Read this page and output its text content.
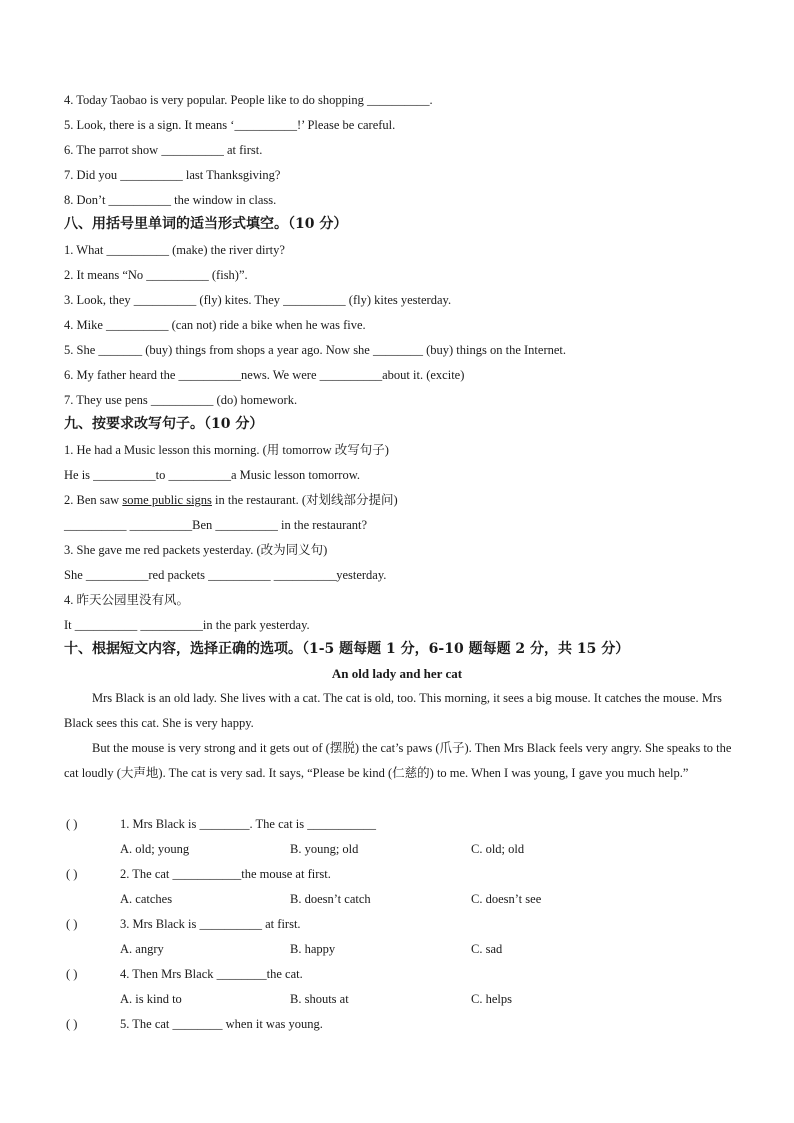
4. Today Taobao is very popular. People like to do shopping __________.
5. Look, there is a sign. It means ‘__________!’ Please be careful.
6. The parrot show __________ at first.
7. Did you __________ last Thanksgiving?
8. Don’t __________ the window in class.
八、用括号里单词的适当形式填空。（10 分）
1. What __________ (make) the river dirty?
2. It means “No __________ (fish)”.
3. Look, they __________ (fly) kites. They __________ (fly) kites yesterday.
4. Mike __________ (can not) ride a bike when he was five.
5. She _______ (buy) things from shops a year ago. Now she ________ (buy) things on the Internet.
6. My father heard the __________news. We were __________about it. (excite)
7. They use pens __________ (do) homework.
九、按要求改写句子。（10 分）
1. He had a Music lesson this morning. (用 tomorrow 改写句子)
He is __________to __________a Music lesson tomorrow.
2. Ben saw some public signs in the restaurant. (对划线部分提问)
__________ __________Ben __________ in the restaurant?
3. She gave me red packets yesterday. (改为同义句)
She __________red packets __________ __________yesterday.
4. 昨天公园里没有风。
It __________ __________in the park yesterday.
十、根据短文内容，选择正确的选项。（1-5 题每题 1 分，6-10 题每题 2 分，共 15 分）
An old lady and her cat
Mrs Black is an old lady. She lives with a cat. The cat is old, too. This morning, it sees a big mouse. It catches the mouse. Mrs Black sees this cat. She is very happy.
But the mouse is very strong and it gets out of (摆脱) the cat’s paws (爪子). Then Mrs Black feels very angry. She speaks to the cat loudly (大声地). The cat is very sad. It says, “Please be kind (仁慈的) to me. When I was young, I gave you much help.”
( )	1. Mrs Black is ________. The cat is ___________
A. old; young	B. young; old	C. old; old
( )	2. The cat ___________the mouse at first.
A. catches	B. doesn’t catch	C. doesn’t see
( )	3. Mrs Black is __________ at first.
A. angry	B. happy	C. sad
( )	4. Then Mrs Black ________the cat.
A. is kind to	B. shouts at	C. helps
( )	5. The cat ________ when it was young.
